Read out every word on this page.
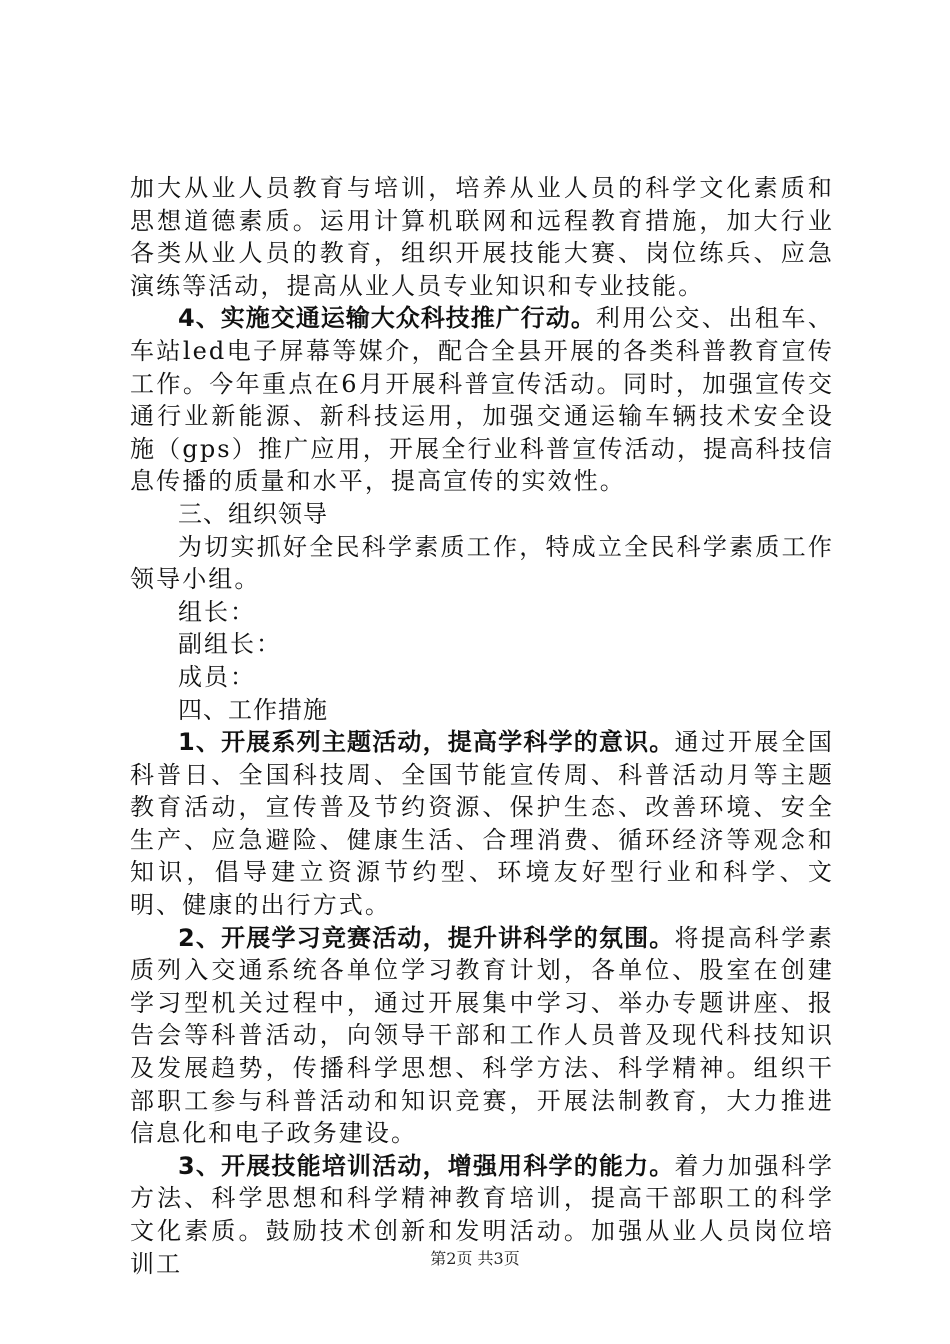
加大从业人员教育与培训，培养从业人员的科学文化素质和思想道德素质。运用计算机联网和远程教育措施，加大行业各类从业人员的教育，组织开展技能大赛、岗位练兵、应急演练等活动，提高从业人员专业知识和专业技能。

4、实施交通运输大众科技推广行动。利用公交、出租车、车站led电子屏幕等媒介，配合全县开展的各类科普教育宣传工作。今年重点在6月开展科普宣传活动。同时，加强宣传交通行业新能源、新科技运用，加强交通运输车辆技术安全设施（gps）推广应用，开展全行业科普宣传活动，提高科技信息传播的质量和水平，提高宣传的实效性。

三、组织领导

为切实抓好全民科学素质工作，特成立全民科学素质工作领导小组。

组长：

副组长：

成员：

四、工作措施

1、开展系列主题活动，提高学科学的意识。通过开展全国科普日、全国科技周、全国节能宣传周、科普活动月等主题教育活动，宣传普及节约资源、保护生态、改善环境、安全生产、应急避险、健康生活、合理消费、循环经济等观念和知识，倡导建立资源节约型、环境友好型行业和科学、文明、健康的出行方式。

2、开展学习竞赛活动，提升讲科学的氛围。将提高科学素质列入交通系统各单位学习教育计划，各单位、股室在创建学习型机关过程中，通过开展集中学习、举办专题讲座、报告会等科普活动，向领导干部和工作人员普及现代科技知识及发展趋势，传播科学思想、科学方法、科学精神。组织干部职工参与科普活动和知识竞赛，开展法制教育，大力推进信息化和电子政务建设。

3、开展技能培训活动，增强用科学的能力。着力加强科学方法、科学思想和科学精神教育培训，提高干部职工的科学文化素质。鼓励技术创新和发明活动。加强从业人员岗位培训工	第2页 共3页
